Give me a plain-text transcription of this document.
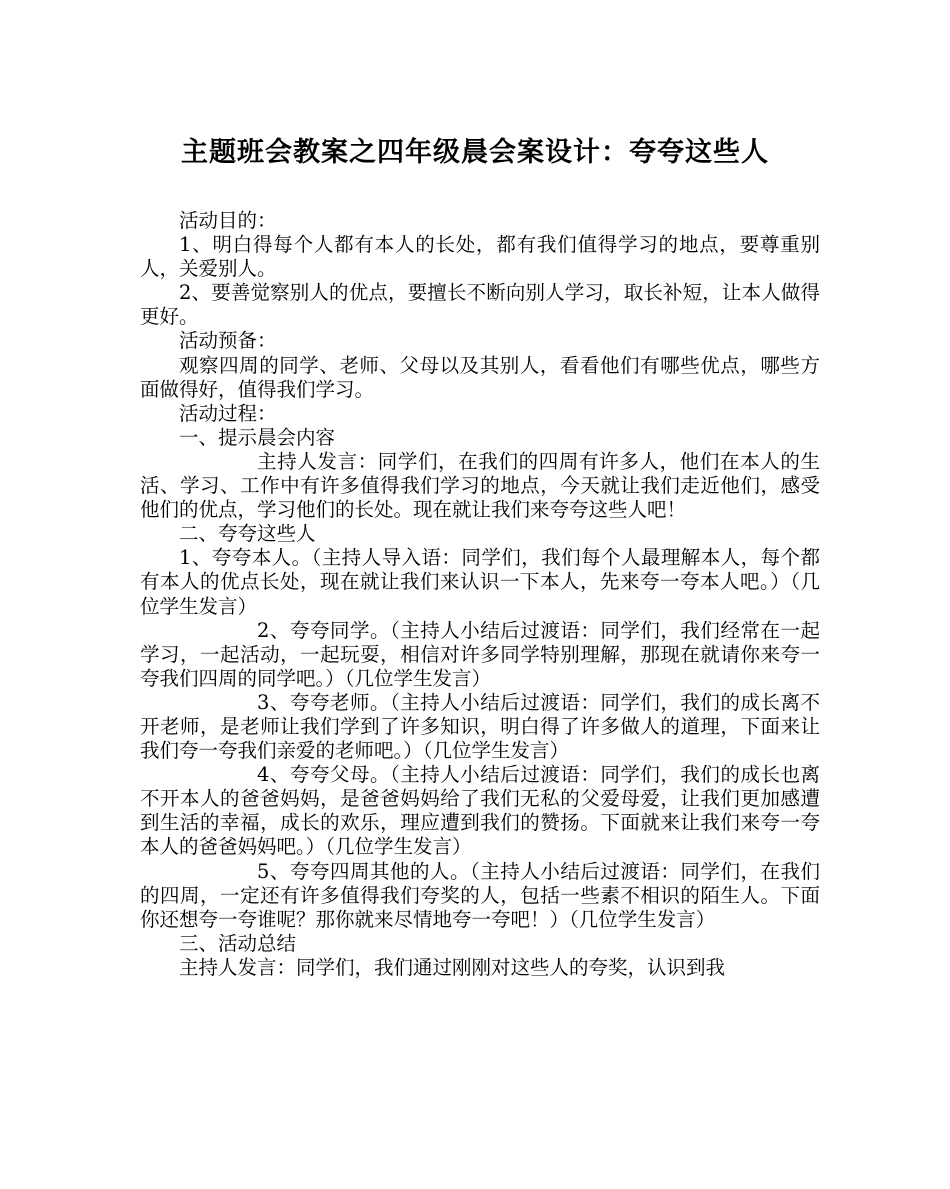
主题班会教案之四年级晨会案设计：夸夸这些人

活动目的：

1、明白得每个人都有本人的长处，都有我们值得学习的地点，要尊重别人，关爱别人。

2、要善觉察别人的优点，要擅长不断向别人学习，取长补短，让本人做得更好。

活动预备：

观察四周的同学、老师、父母以及其别人，看看他们有哪些优点，哪些方面做得好，值得我们学习。

活动过程：

一、提示晨会内容

主持人发言：同学们，在我们的四周有许多人，他们在本人的生活、学习、工作中有许多值得我们学习的地点，今天就让我们走近他们，感受他们的优点，学习他们的长处。现在就让我们来夸夸这些人吧！

二、夸夸这些人

1、夸夸本人。（主持人导入语：同学们，我们每个人最理解本人，每个都有本人的优点长处，现在就让我们来认识一下本人，先来夸一夸本人吧。）（几位学生发言）

2、夸夸同学。（主持人小结后过渡语：同学们，我们经常在一起学习，一起活动，一起玩耍，相信对许多同学特别理解，那现在就请你来夸一夸我们四周的同学吧。）（几位学生发言）

3、夸夸老师。（主持人小结后过渡语：同学们，我们的成长离不开老师，是老师让我们学到了许多知识，明白得了许多做人的道理，下面来让我们夸一夸我们亲爱的老师吧。）（几位学生发言）

4、夸夸父母。（主持人小结后过渡语：同学们，我们的成长也离不开本人的爸爸妈妈，是爸爸妈妈给了我们无私的父爱母爱，让我们更加感遭到生活的幸福，成长的欢乐，理应遭到我们的赞扬。下面就来让我们来夸一夸本人的爸爸妈妈吧。）（几位学生发言）

5、夸夸四周其他的人。（主持人小结后过渡语：同学们，在我们的四周，一定还有许多值得我们夸奖的人，包括一些素不相识的陌生人。下面你还想夸一夸谁呢？那你就来尽情地夸一夸吧！）（几位学生发言）

三、活动总结

主持人发言：同学们，我们通过刚刚对这些人的夸奖，认识到我
